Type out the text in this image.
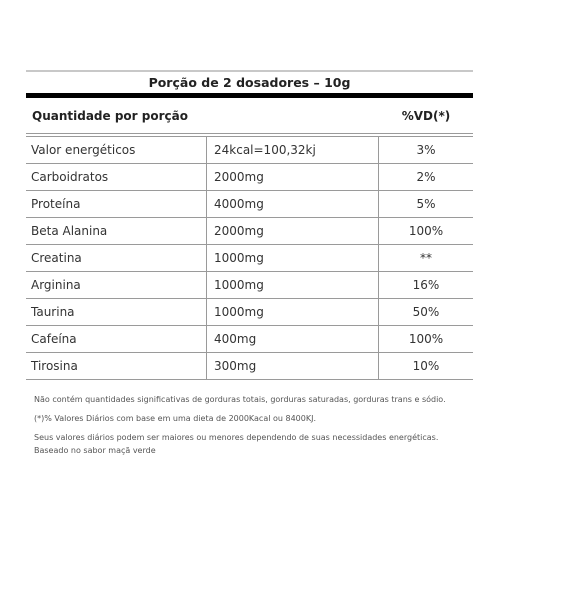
Porção de 2 dosadores – 10g
Quantidade por porção	%VD(*)
Valor energéticos	24kcal=100,32kj	3%
Carboidratos	2000mg	2%
Proteína	4000mg	5%
Beta Alanina	2000mg	100%
Creatina	1000mg	**
Arginina	1000mg	16%
Taurina	1000mg	50%
Cafeína	400mg	100%
Tirosina	300mg	10%

Não contém quantidades significativas de gorduras totais, gorduras saturadas, gorduras trans e sódio.

(*)% Valores Diários com base em uma dieta de 2000Kacal ou 8400KJ.

Seus valores diários podem ser maiores ou menores dependendo de suas necessidades energéticas.

Baseado no sabor maçã verde
